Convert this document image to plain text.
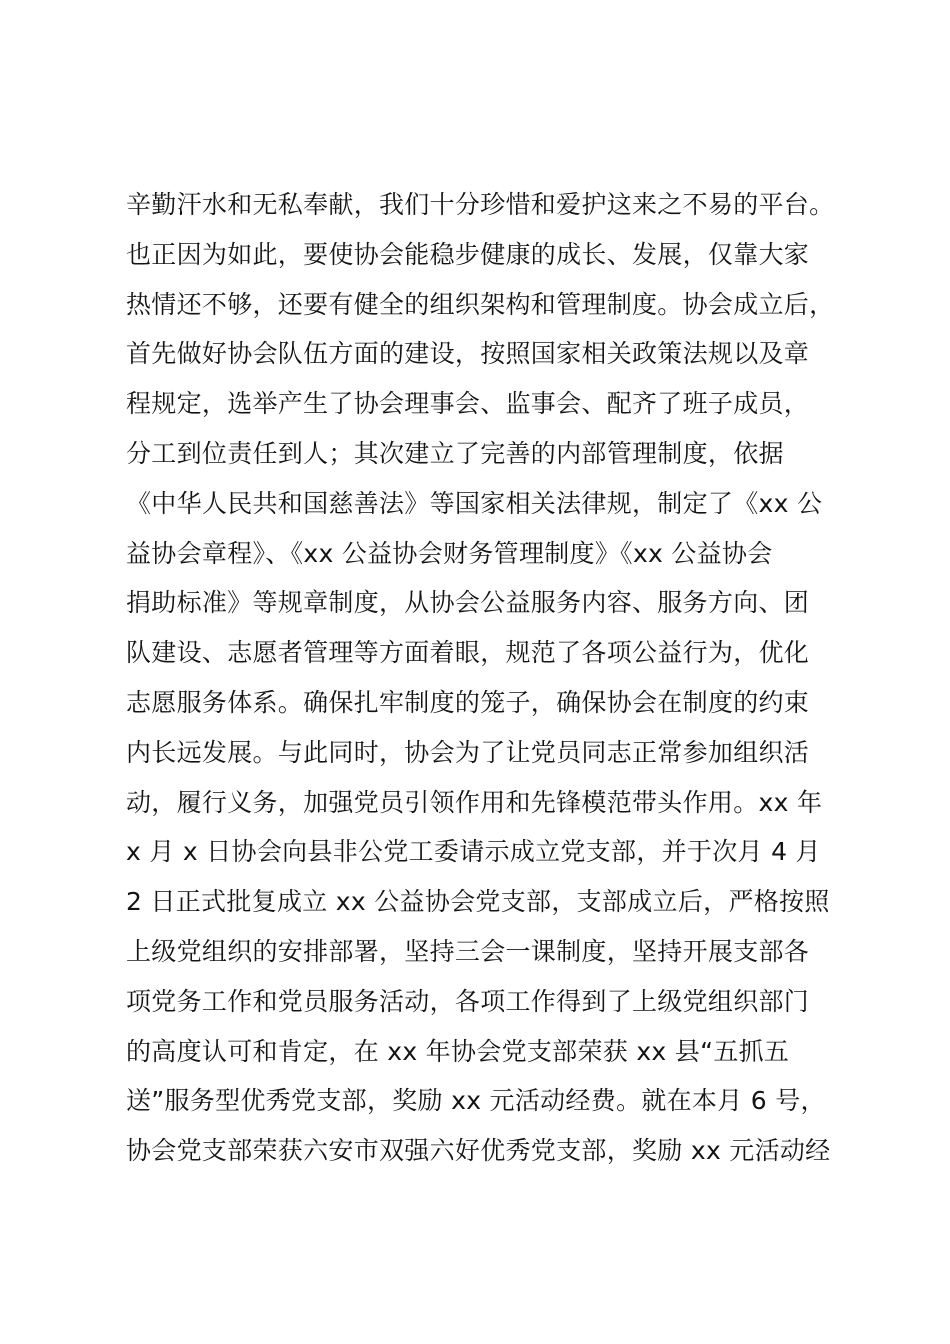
辛勤汗水和无私奉献，我们十分珍惜和爱护这来之不易的平台。
也正因为如此，要使协会能稳步健康的成长、发展，仅靠大家
热情还不够，还要有健全的组织架构和管理制度。协会成立后，
首先做好协会队伍方面的建设，按照国家相关政策法规以及章
程规定，选举产生了协会理事会、监事会、配齐了班子成员，
分工到位责任到人；其次建立了完善的内部管理制度，依据
《中华人民共和国慈善法》等国家相关法律规，制定了《xx 公
益协会章程》、《xx 公益协会财务管理制度》《xx 公益协会
捐助标准》等规章制度，从协会公益服务内容、服务方向、团
队建设、志愿者管理等方面着眼，规范了各项公益行为，优化
志愿服务体系。确保扎牢制度的笼子，确保协会在制度的约束
内长远发展。与此同时，协会为了让党员同志正常参加组织活
动，履行义务，加强党员引领作用和先锋模范带头作用。xx 年
x 月 x 日协会向县非公党工委请示成立党支部，并于次月 4 月
2 日正式批复成立 xx 公益协会党支部，支部成立后，严格按照
上级党组织的安排部署，坚持三会一课制度，坚持开展支部各
项党务工作和党员服务活动，各项工作得到了上级党组织部门
的高度认可和肯定，在 xx 年协会党支部荣获 xx 县“五抓五
送”服务型优秀党支部，奖励 xx 元活动经费。就在本月 6 号，
协会党支部荣获六安市双强六好优秀党支部，奖励 xx 元活动经
